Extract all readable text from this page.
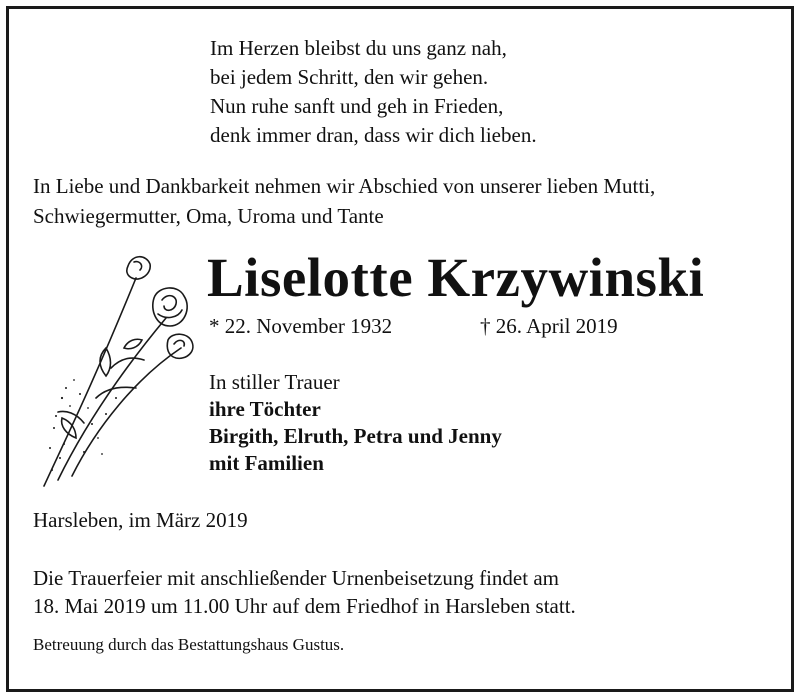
Im Herzen bleibst du uns ganz nah,
bei jedem Schritt, den wir gehen.
Nun ruhe sanft und geh in Frieden,
denk immer dran, dass wir dich lieben.
In Liebe und Dankbarkeit nehmen wir Abschied von unserer lieben Mutti,
Schwiegermutter, Oma, Uroma und Tante
Liselotte Krzywinski
* 22. November 1932	† 26. April 2019
In stiller Trauer
ihre Töchter
Birgith, Elruth, Petra und Jenny
mit Familien
Harsleben, im März 2019
Die Trauerfeier mit anschließender Urnenbeisetzung findet am
18. Mai 2019 um 11.00 Uhr auf dem Friedhof in Harsleben statt.
Betreuung durch das Bestattungshaus Gustus.
